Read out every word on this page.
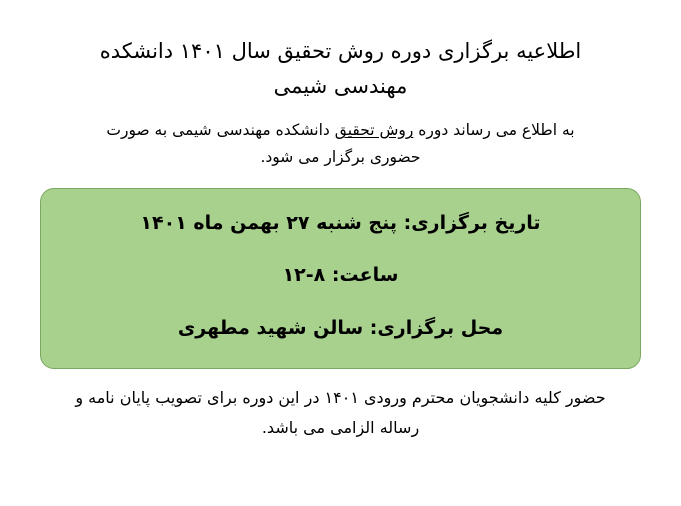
اطلاعیه برگزاری دوره روش تحقیق سال ۱۴۰۱ دانشکده مهندسی شیمی

به اطلاع می رساند دوره روش تحقیق دانشکده مهندسی شیمی به صورت حضوری برگزار می شود.

تاریخ برگزاری: پنج شنبه ۲۷ بهمن ماه ۱۴۰۱

ساعت: ۸-۱۲

محل برگزاری: سالن شهید مطهری

حضور کلیه دانشجویان محترم ورودی ۱۴۰۱ در این دوره برای تصویب پایان نامه و رساله الزامی می باشد.
